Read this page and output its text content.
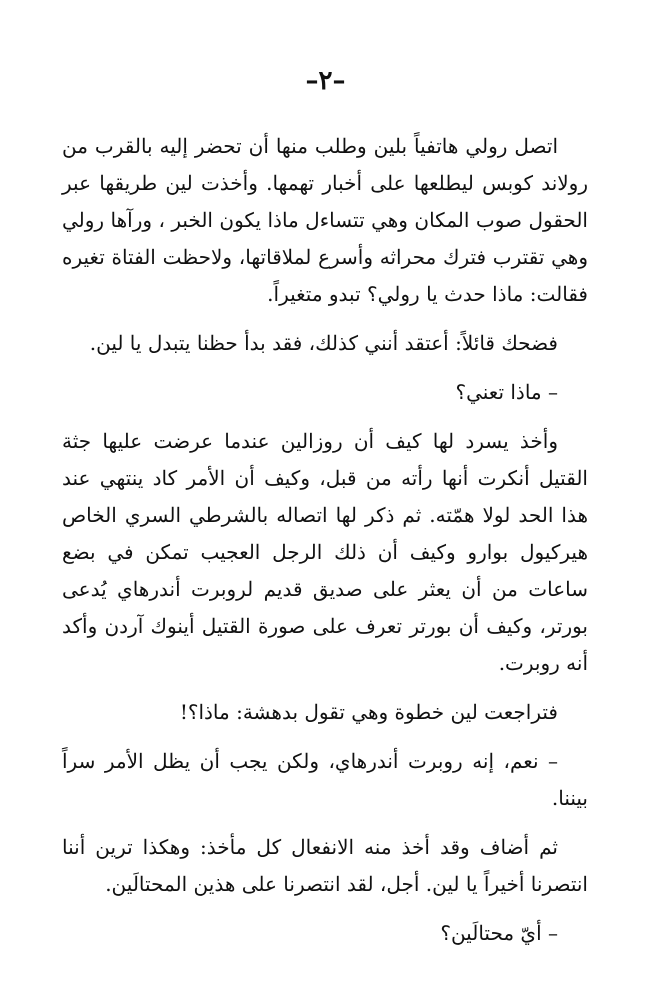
–٢–

اتصل رولي هاتفياً بلين وطلب منها أن تحضر إليه بالقرب من رولاند كوبس ليطلعها على أخبار تهمها. وأخذت لين طريقها عبر الحقول صوب المكان وهي تتساءل ماذا يكون الخبر ، ورآها رولي وهي تقترب فترك محراثه وأسرع لملاقاتها، ولاحظت الفتاة تغيره فقالت: ماذا حدث يا رولي؟ تبدو متغيراً.

فضحك قائلاً: أعتقد أنني كذلك، فقد بدأ حظنا يتبدل يا لين.

– ماذا تعني؟

وأخذ يسرد لها كيف أن روزالين عندما عرضت عليها جثة القتيل أنكرت أنها رأته من قبل، وكيف أن الأمر كاد ينتهي عند هذا الحد لولا همّته. ثم ذكر لها اتصاله بالشرطي السري الخاص هيركيول بوارو وكيف أن ذلك الرجل العجيب تمكن في بضع ساعات من أن يعثر على صديق قديم لروبرت أندرهاي يُدعى بورتر، وكيف أن بورتر تعرف على صورة القتيل أينوك آردن وأكد أنه روبرت.

فتراجعت لين خطوة وهي تقول بدهشة: ماذا؟!

– نعم، إنه روبرت أندرهاي، ولكن يجب أن يظل الأمر سراً بيننا.

ثم أضاف وقد أخذ منه الانفعال كل مأخذ: وهكذا ترين أننا انتصرنا أخيراً يا لين. أجل، لقد انتصرنا على هذين المحتالَين.

– أيّ محتالَين؟
